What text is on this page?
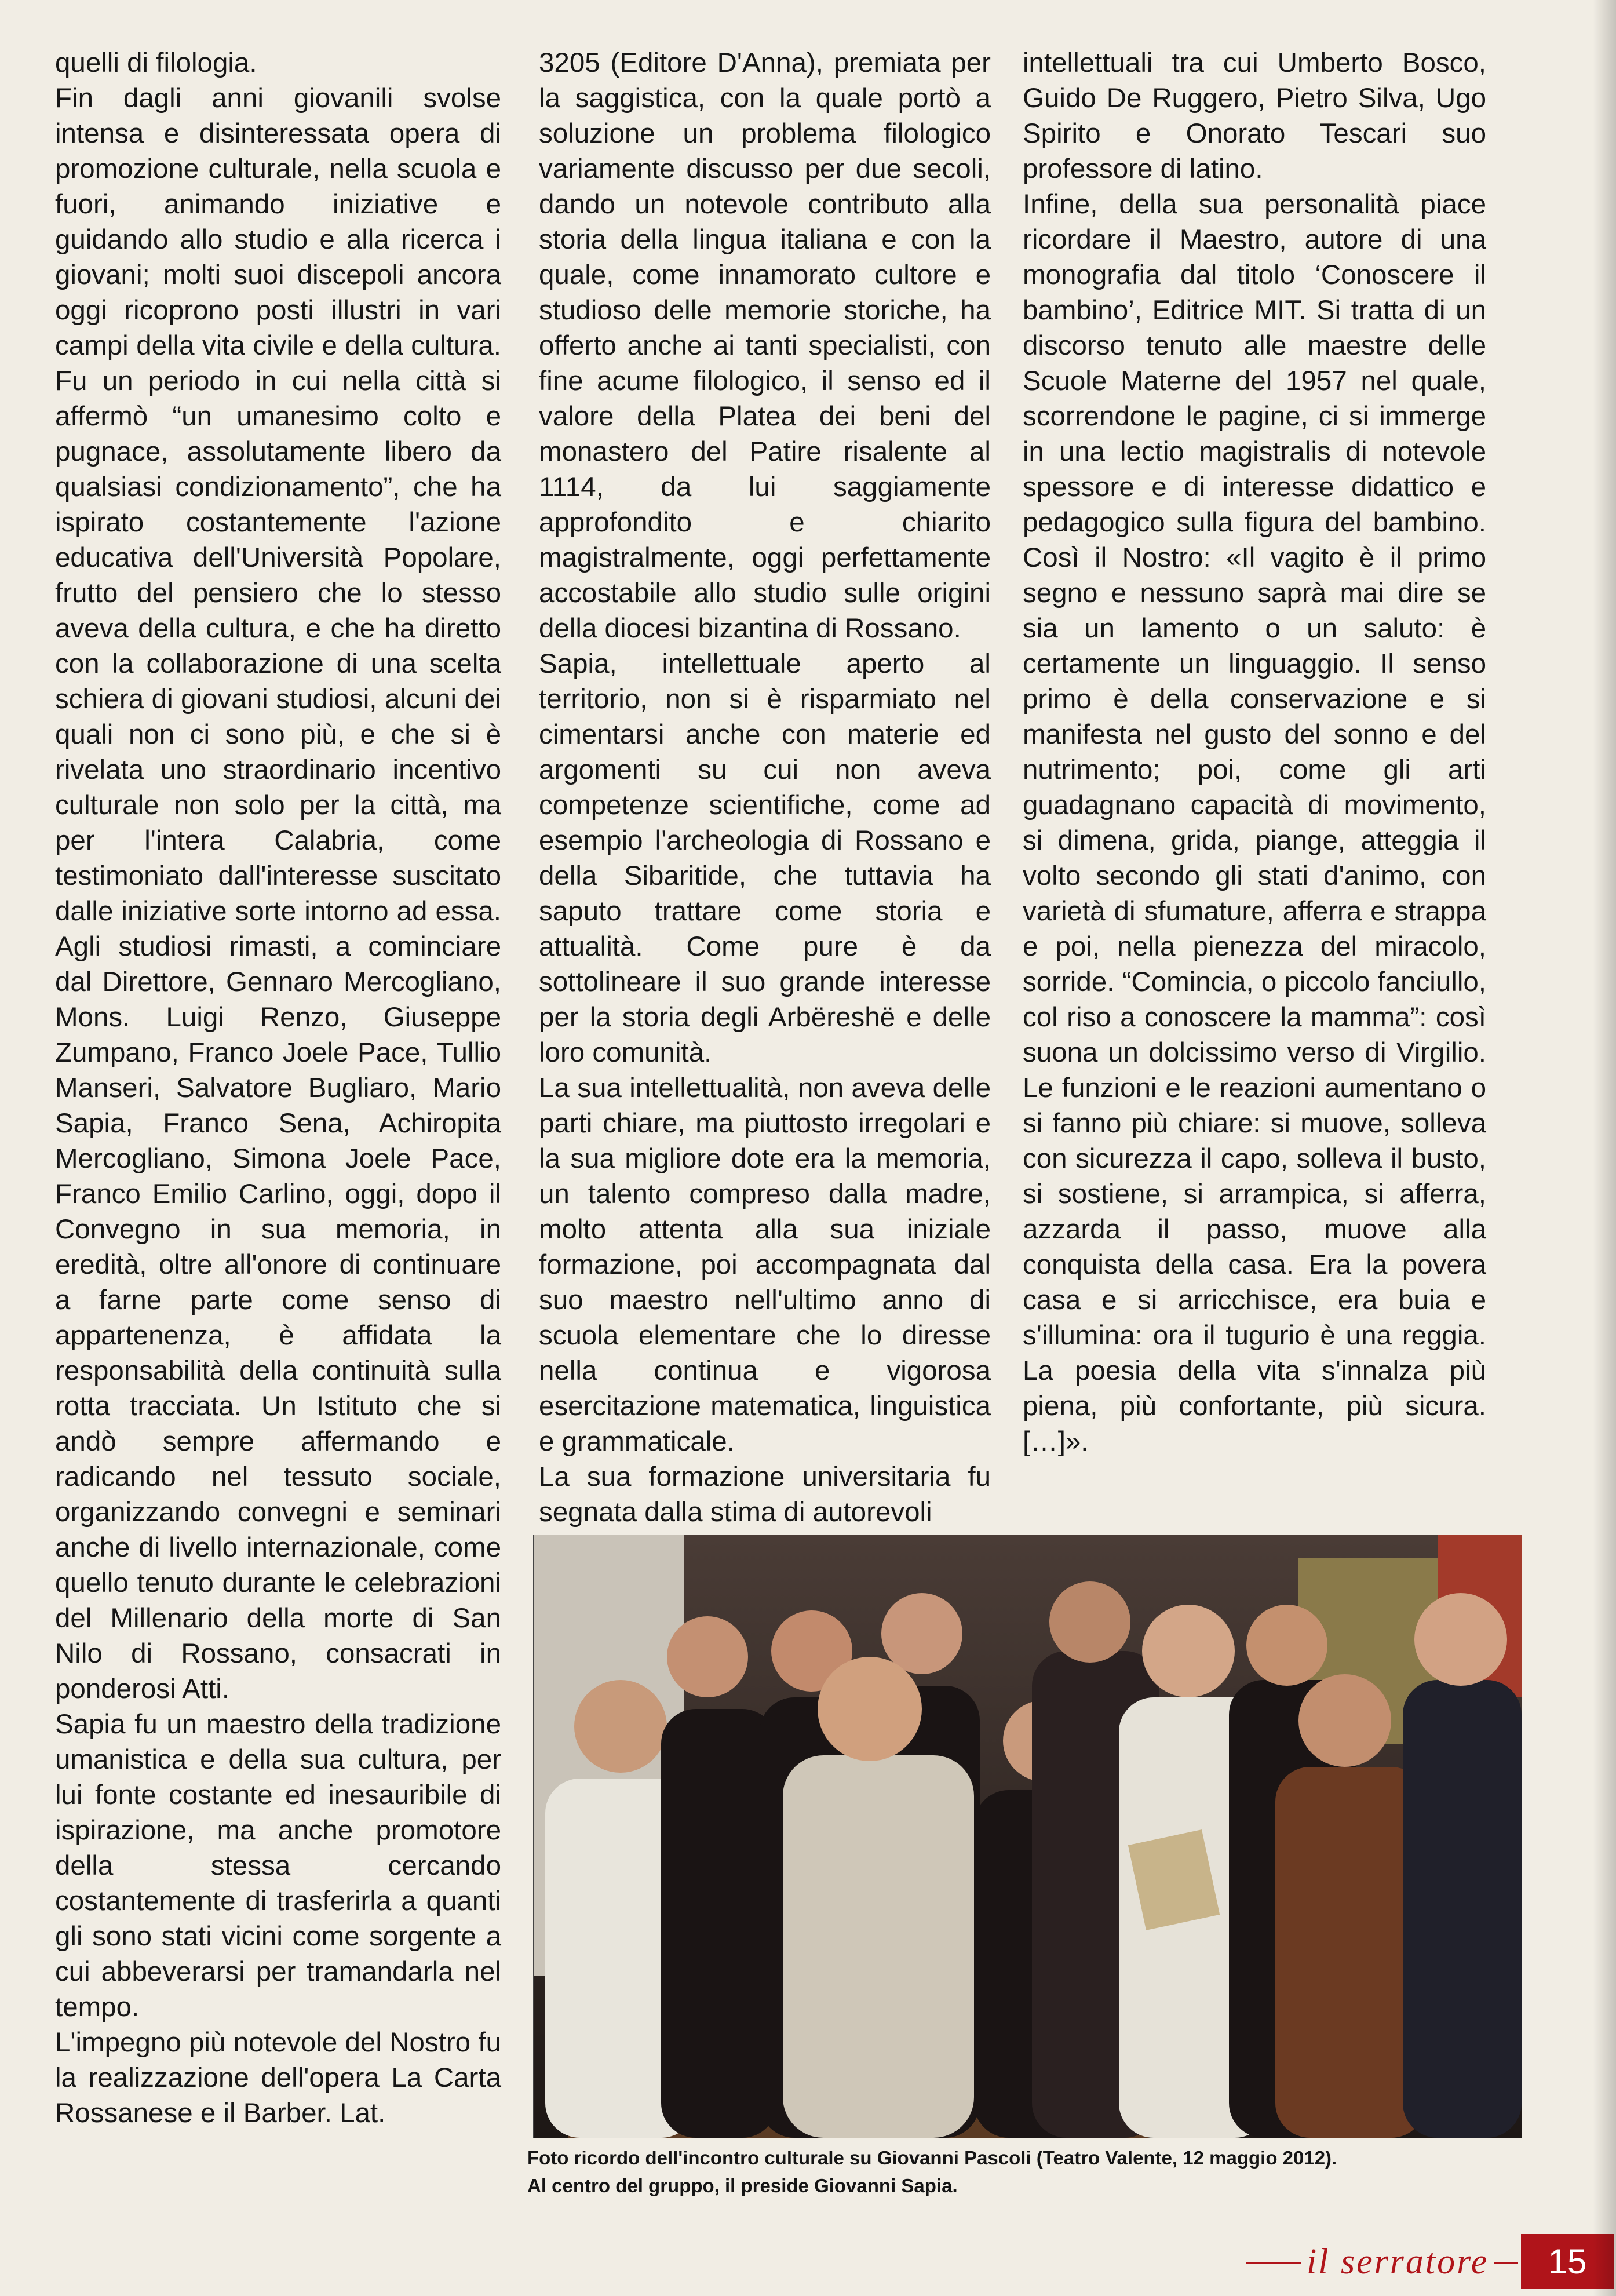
quelli di filologia.

Fin dagli anni giovanili svolse intensa e disinteressata opera di promozione culturale, nella scuola e fuori, animando iniziative e guidando allo studio e alla ricerca i giovani; molti suoi discepoli ancora oggi ricoprono posti illustri in vari campi della vita civile e della cultura. Fu un periodo in cui nella città si affermò “un umanesimo colto e pugnace, assolutamente libero da qualsiasi condizionamento”, che ha ispirato costantemente l'azione educativa dell'Università Popolare, frutto del pensiero che lo stesso aveva della cultura, e che ha diretto con la collaborazione di una scelta schiera di giovani studiosi, alcuni dei quali non ci sono più, e che si è rivelata uno straordinario incentivo culturale non solo per la città, ma per l'intera Calabria, come testimoniato dall'interesse suscitato dalle iniziative sorte intorno ad essa. Agli studiosi rimasti, a cominciare dal Direttore, Gennaro Mercogliano, Mons. Luigi Renzo, Giuseppe Zumpano, Franco Joele Pace, Tullio Manseri, Salvatore Bugliaro, Mario Sapia, Franco Sena, Achiropita Mercogliano, Simona Joele Pace, Franco Emilio Carlino, oggi, dopo il Convegno in sua memoria, in eredità, oltre all'onore di continuare a farne parte come senso di appartenenza, è affidata la responsabilità della continuità sulla rotta tracciata. Un Istituto che si andò sempre affermando e radicando nel tessuto sociale, organizzando convegni e seminari anche di livello internazionale, come quello tenuto durante le celebrazioni del Millenario della morte di San Nilo di Rossano, consacrati in ponderosi Atti.

Sapia fu un maestro della tradizione umanistica e della sua cultura, per lui fonte costante ed inesauribile di ispirazione, ma anche promotore della stessa cercando costantemente di trasferirla a quanti gli sono stati vicini come sorgente a cui abbeverarsi per tramandarla nel tempo.

L'impegno più notevole del Nostro fu la realizzazione dell'opera La Carta Rossanese e il Barber. Lat.

3205 (Editore D'Anna), premiata per la saggistica, con la quale portò a soluzione un problema filologico variamente discusso per due secoli, dando un notevole contributo alla storia della lingua italiana e con la quale, come innamorato cultore e studioso delle memorie storiche, ha offerto anche ai tanti specialisti, con fine acume filologico, il senso ed il valore della Platea dei beni del monastero del Patire risalente al 1114, da lui saggiamente approfondito e chiarito magistralmente, oggi perfettamente accostabile allo studio sulle origini della diocesi bizantina di Rossano.

Sapia, intellettuale aperto al territorio, non si è risparmiato nel cimentarsi anche con materie ed argomenti su cui non aveva competenze scientifiche, come ad esempio l'archeologia di Rossano e della Sibaritide, che tuttavia ha saputo trattare come storia e attualità. Come pure è da sottolineare il suo grande interesse per la storia degli Arbëreshë e delle loro comunità.

La sua intellettualità, non aveva delle parti chiare, ma piuttosto irregolari e la sua migliore dote era la memoria, un talento compreso dalla madre, molto attenta alla sua iniziale formazione, poi accompagnata dal suo maestro nell'ultimo anno di scuola elementare che lo diresse nella continua e vigorosa esercitazione matematica, linguistica e grammaticale.

La sua formazione universitaria fu segnata dalla stima di autorevoli

intellettuali tra cui Umberto Bosco, Guido De Ruggero, Pietro Silva, Ugo Spirito e Onorato Tescari suo professore di latino.

Infine, della sua personalità piace ricordare il Maestro, autore di una monografia dal titolo ‘Conoscere il bambino’, Editrice MIT. Si tratta di un discorso tenuto alle maestre delle Scuole Materne del 1957 nel quale, scorrendone le pagine, ci si immerge in una lectio magistralis di notevole spessore e di interesse didattico e pedagogico sulla figura del bambino. Così il Nostro: «Il vagito è il primo segno e nessuno saprà mai dire se sia un lamento o un saluto: è certamente un linguaggio. Il senso primo è della conservazione e si manifesta nel gusto del sonno e del nutrimento; poi, come gli arti guadagnano capacità di movimento, si dimena, grida, piange, atteggia il volto secondo gli stati d'animo, con varietà di sfumature, afferra e strappa e poi, nella pienezza del miracolo, sorride. “Comincia, o piccolo fanciullo, col riso a conoscere la mamma”: così suona un dolcissimo verso di Virgilio. Le funzioni e le reazioni aumentano o si fanno più chiare: si muove, solleva con sicurezza il capo, solleva il busto, si sostiene, si arrampica, si afferra, azzarda il passo, muove alla conquista della casa. Era la povera casa e si arricchisce, era buia e s'illumina: ora il tugurio è una reggia. La poesia della vita s'innalza più piena, più confortante, più sicura. […]».

Foto ricordo dell'incontro culturale su Giovanni Pascoli (Teatro Valente, 12 maggio 2012).

Al centro del gruppo, il preside Giovanni Sapia.

il serratore 15
